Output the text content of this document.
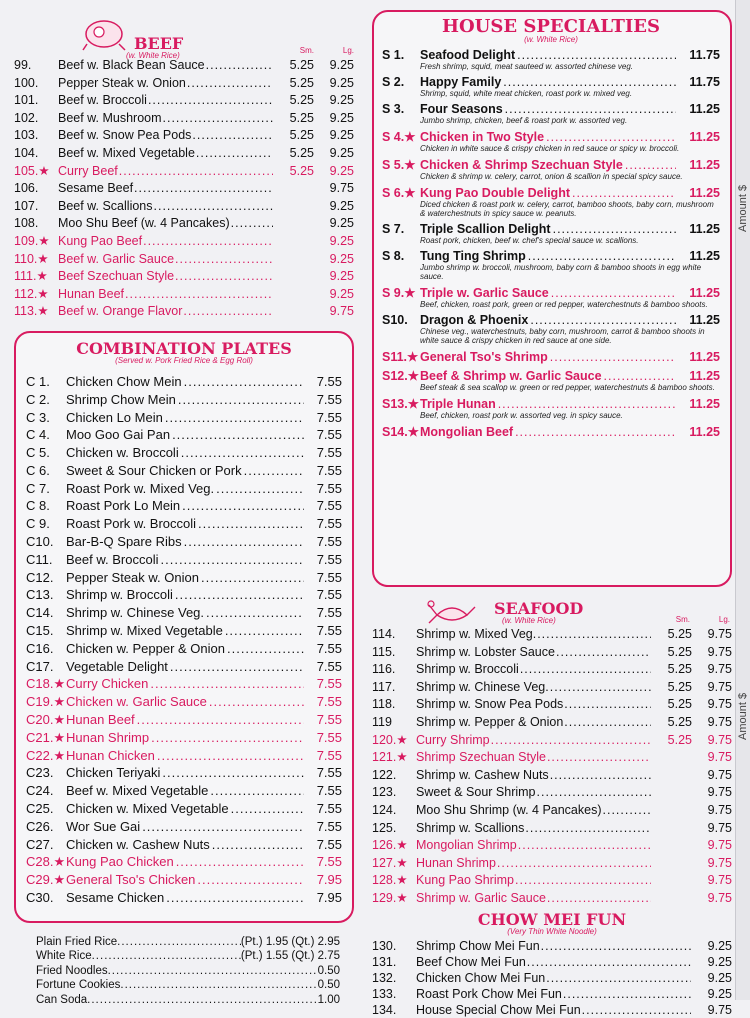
BEEF
(w. White Rice)
Sm.	Lg.
99.	Beef w. Black Bean Sauce .....	5.25	9.25
100.	Pepper Steak w. Onion .....	5.25	9.25
101.	Beef w. Broccoli .....	5.25	9.25
102.	Beef w. Mushroom .....	5.25	9.25
103.	Beef w. Snow Pea Pods .....	5.25	9.25
104.	Beef w. Mixed Vegetable .....	5.25	9.25
105.★ Curry Beef .....	5.25	9.25
106.	Sesame Beef .....	9.75
107.	Beef w. Scallions .....	9.25
108.	Moo Shu Beef (w. 4 Pancakes) .....	9.25
109.★ Kung Pao Beef .....	9.25
110.★ Beef w. Garlic Sauce .....	9.25
111.★ Beef Szechuan Style .....	9.25
112.★ Hunan Beef .....	9.25
113.★ Beef w. Orange Flavor .....	9.75
COMBINATION PLATES
(Served w. Pork Fried Rice & Egg Roll)
C 1.	Chicken Chow Mein .....	7.55
C 2.	Shrimp Chow Mein .....	7.55
C 3.	Chicken Lo Mein .....	7.55
C 4.	Moo Goo Gai Pan .....	7.55
C 5.	Chicken w. Broccoli .....	7.55
C 6.	Sweet & Sour Chicken or Pork .....	7.55
C 7.	Roast Pork w. Mixed Veg. .....	7.55
C 8.	Roast Pork Lo Mein .....	7.55
C 9.	Roast Pork w. Broccoli .....	7.55
C10. Bar-B-Q Spare Ribs .....	7.55
C11.	Beef w. Broccoli .....	7.55
C12. Pepper Steak w. Onion .....	7.55
C13. Shrimp w. Broccoli .....	7.55
C14. Shrimp w. Chinese Veg. .....	7.55
C15. Shrimp w. Mixed Vegetable .....	7.55
C16. Chicken w. Pepper & Onion .....	7.55
C17. Vegetable Delight .....	7.55
C18.★ Curry Chicken .....	7.55
C19.★ Chicken w. Garlic Sauce .....	7.55
C20.★ Hunan Beef .....	7.55
C21.★ Hunan Shrimp .....	7.55
C22.★ Hunan Chicken .....	7.55
C23. Chicken Teriyaki .....	7.55
C24. Beef w. Mixed Vegetable .....	7.55
C25. Chicken w. Mixed Vegetable .....	7.55
C26. Wor Sue Gai .....	7.55
C27. Chicken w. Cashew Nuts .....	7.55
C28.★ Kung Pao Chicken .....	7.55
C29.★ General Tso's Chicken .....	7.95
C30. Sesame Chicken .....	7.95
Plain Fried Rice .....	(Pt.) 1.95 (Qt.) 2.95
White Rice .....	(Pt.) 1.55 (Qt.) 2.75
Fried Noodles .....	0.50
Fortune Cookies .....	0.50
Can Soda .....	1.00
HOUSE SPECIALTIES
(w. White Rice)
S 1.	Seafood Delight .....	11.75
Fresh shrimp, squid, meat sauteed w. assorted chinese veg.
S 2.	Happy Family .....	11.75
Shrimp, squid, white meat chicken, roast pork w. mixed veg.
S 3.	Four Seasons .....	11.25
Jumbo shrimp, chicken, beef & roast pork w. assorted veg.
S 4.★ Chicken in Two Style .....	11.25
Chicken in white sauce & crispy chicken in red sauce or spicy w. broccoli.
S 5.★ Chicken & Shrimp Szechuan Style .....	11.25
Chicken & shrimp w. celery, carrot, onion & scallion in special spicy sauce.
S 6.★ Kung Pao Double Delight .....	11.25
Diced chicken & roast pork w. celery, carrot, bamboo shoots, baby corn, mushroom & waterchestnuts in spicy sauce w. peanuts.
S 7.	Triple Scallion Delight .....	11.25
Roast pork, chicken, beef w. chef's special sauce w. scallions.
S 8.	Tung Ting Shrimp .....	11.25
Jumbo shrimp w. broccoli, mushroom, baby corn & bamboo shoots in egg white sauce.
S 9.★ Triple w. Garlic Sauce .....	11.25
Beef, chicken, roast pork, green or red pepper, waterchestnuts & bamboo shoots.
S10. Dragon & Phoenix .....	11.25
Chinese veg., waterchestnuts, baby corn, mushroom, carrot & bamboo shoots in white sauce & crispy chicken in red sauce at one side.
S11.★ General Tso's Shrimp .....	11.25
S12.★ Beef & Shrimp w. Garlic Sauce .....	11.25
Beef steak & sea scallop w. green or red pepper, waterchestnuts & bamboo shoots.
S13.★ Triple Hunan .....	11.25
Beef, chicken, roast pork w. assorted veg. in spicy sauce.
S14.★ Mongolian Beef .....	11.25
SEAFOOD
(w. White Rice)	Sm.	Lg.
114.	Shrimp w. Mixed Veg. .....	5.25	9.75
115.	Shrimp w. Lobster Sauce .....	5.25	9.75
116.	Shrimp w. Broccoli .....	5.25	9.75
117.	Shrimp w. Chinese Veg. .....	5.25	9.75
118.	Shrimp w. Snow Pea Pods .....	5.25	9.75
119	Shrimp w. Pepper & Onion .....	5.25	9.75
120.★ Curry Shrimp .....	5.25	9.75
121.★ Shrimp Szechuan Style .....	9.75
122.	Shrimp w. Cashew Nuts .....	9.75
123.	Sweet & Sour Shrimp .....	9.75
124.	Moo Shu Shrimp (w. 4 Pancakes) .....	9.75
125.	Shrimp w. Scallions .....	9.75
126.★ Mongolian Shrimp .....	9.75
127.★ Hunan Shrimp .....	9.75
128.★ Kung Pao Shrimp .....	9.75
129.★ Shrimp w. Garlic Sauce .....	9.75
CHOW MEI FUN
(Very Thin White Noodle)
130.	Shrimp Chow Mei Fun .....	9.25
131.	Beef Chow Mei Fun .....	9.25
132.	Chicken Chow Mei Fun .....	9.25
133.	Roast Pork Chow Mei Fun .....	9.25
134.	House Special Chow Mei Fun .....	9.75
Amount $
Amount $
